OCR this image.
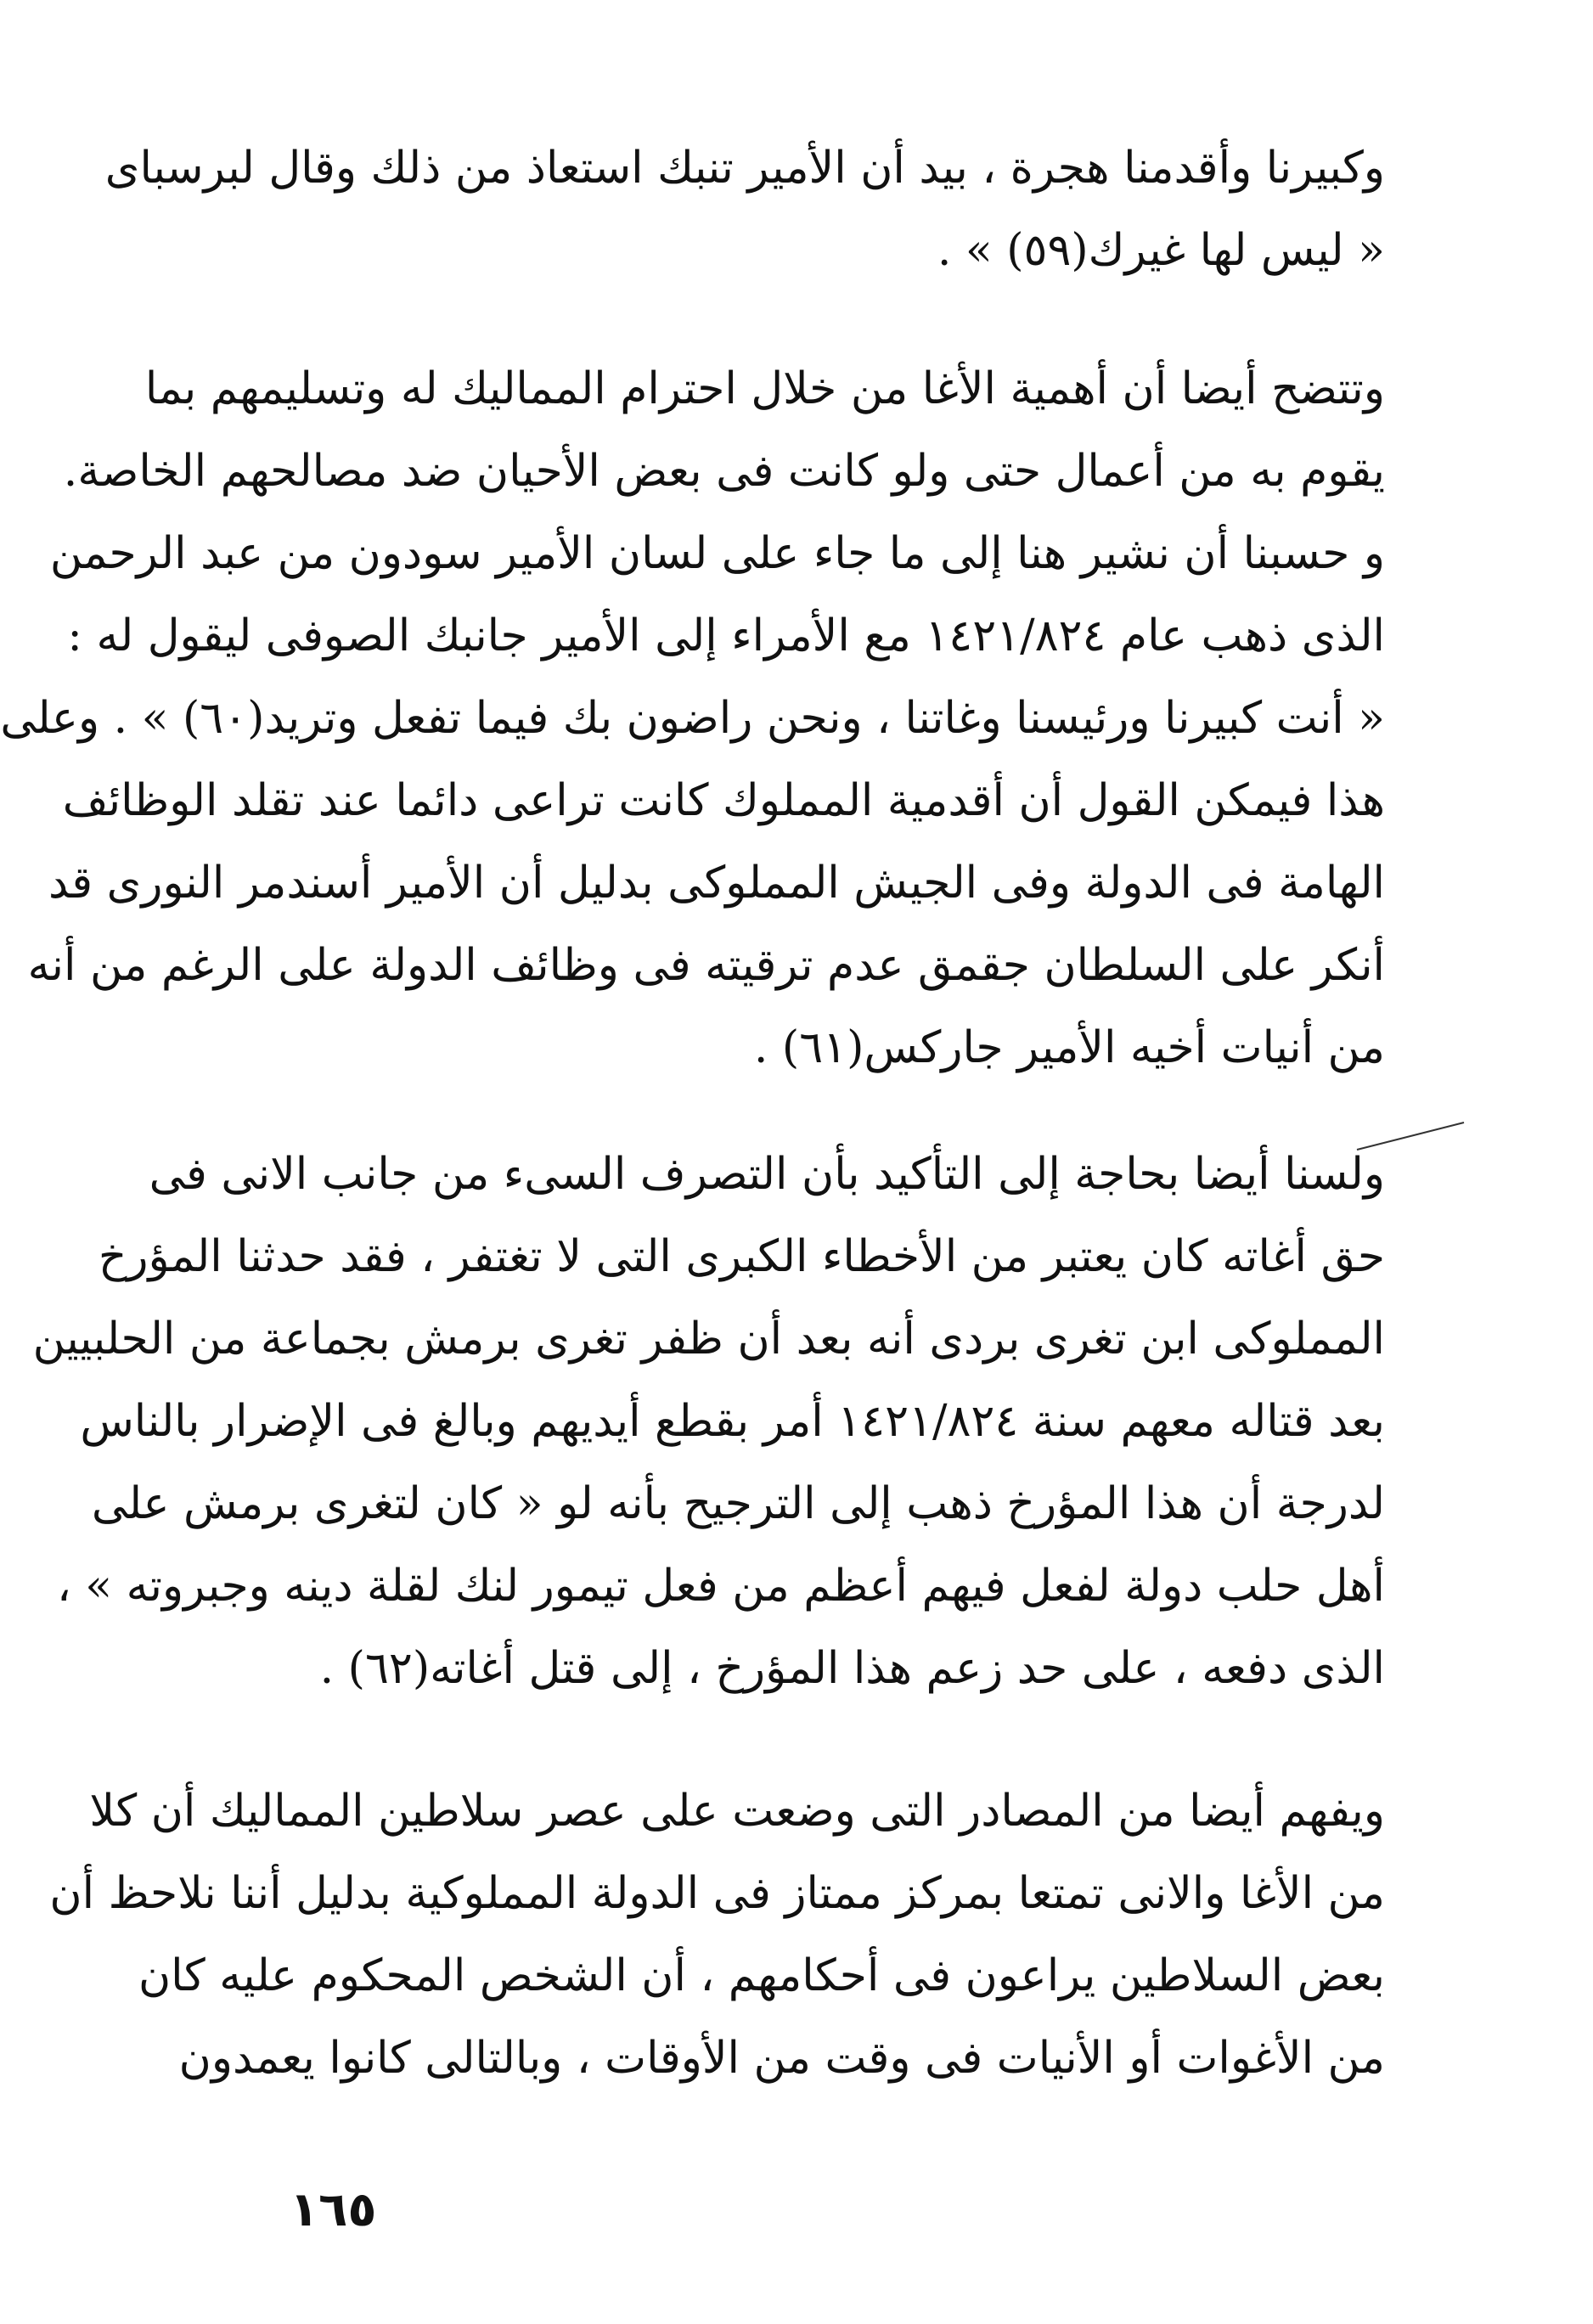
وكبيرنا وأقدمنا هجرة ، بيد أن الأمير تنبك استعاذ من ذلك وقال لبرسباى
« ليس لها غيرك(٥٩) » .

وتتضح أيضا أن أهمية الأغا من خلال احترام المماليك له وتسليمهم بما
يقوم به من أعمال حتى ولو كانت فى بعض الأحيان ضد مصالحهم الخاصة.
و حسبنا أن نشير هنا إلى ما جاء على لسان الأمير سودون من عبد الرحمن
الذى ذهب عام ١٤٢١/٨٢٤ مع الأمراء إلى الأمير جانبك الصوفى ليقول له :
« أنت كبيرنا ورئيسنا وغاتنا ، ونحن راضون بك فيما تفعل وتريد(٦٠) » . وعلى
هذا فيمكن القول أن أقدمية المملوك كانت تراعى دائما عند تقلد الوظائف
الهامة فى الدولة وفى الجيش المملوكى بدليل أن الأمير أسندمر النورى قد
أنكر على السلطان جقمق عدم ترقيته فى وظائف الدولة على الرغم من أنه
من أنيات أخيه الأمير جاركس(٦١) .

ولسنا أيضا بحاجة إلى التأكيد بأن التصرف السىء من جانب الانى فى
حق أغاته كان يعتبر من الأخطاء الكبرى التى لا تغتفر ، فقد حدثنا المؤرخ
المملوكى ابن تغرى بردى أنه بعد أن ظفر تغرى برمش بجماعة من الحلبيين
بعد قتاله معهم سنة ١٤٢١/٨٢٤ أمر بقطع أيديهم وبالغ فى الإضرار بالناس
لدرجة أن هذا المؤرخ ذهب إلى الترجيح بأنه لو « كان لتغرى برمش على
أهل حلب دولة لفعل فيهم أعظم من فعل تيمور لنك لقلة دينه وجبروته » ،
الذى دفعه ، على حد زعم هذا المؤرخ ، إلى قتل أغاته(٦٢) .

ويفهم أيضا من المصادر التى وضعت على عصر سلاطين المماليك أن كلا
من الأغا والانى تمتعا بمركز ممتاز فى الدولة المملوكية بدليل أننا نلاحظ أن
بعض السلاطين يراعون فى أحكامهم ، أن الشخص المحكوم عليه كان
من الأغوات أو الأنيات فى وقت من الأوقات ، وبالتالى كانوا يعمدون

١٦٥
